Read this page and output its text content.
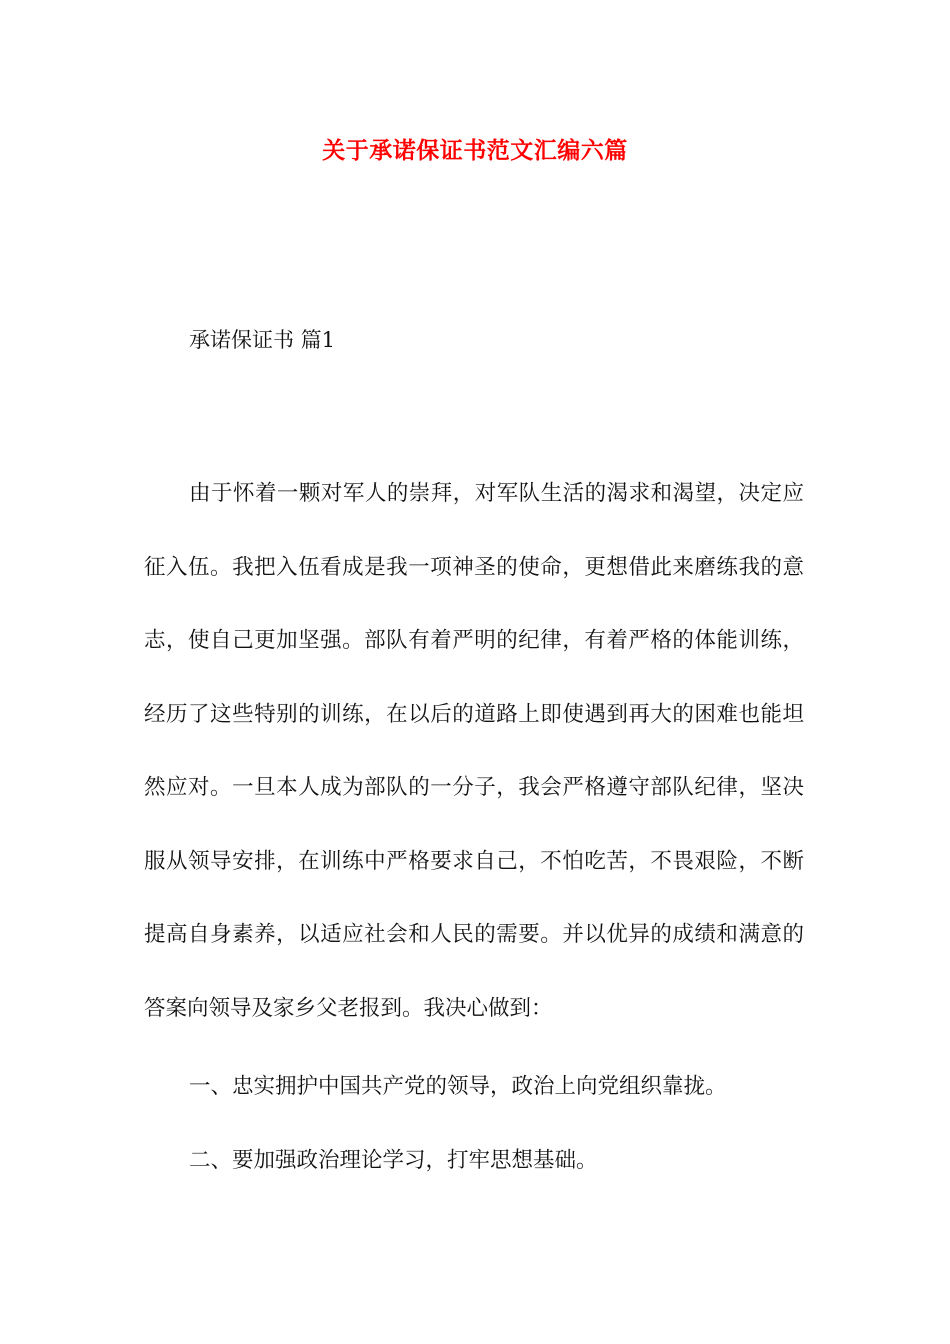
关于承诺保证书范文汇编六篇
承诺保证书 篇1

由于怀着一颗对军人的崇拜，对军队生活的渴求和渴望，决定应征入伍。我把入伍看成是我一项神圣的使命，更想借此来磨练我的意志，使自己更加坚强。部队有着严明的纪律，有着严格的体能训练，经历了这些特别的训练，在以后的道路上即使遇到再大的困难也能坦然应对。一旦本人成为部队的一分子，我会严格遵守部队纪律，坚决服从领导安排，在训练中严格要求自己，不怕吃苦，不畏艰险，不断提高自身素养，以适应社会和人民的需要。并以优异的成绩和满意的答案向领导及家乡父老报到。我决心做到：

一、忠实拥护中国共产党的领导，政治上向党组织靠拢。

二、要加强政治理论学习，打牢思想基础。
